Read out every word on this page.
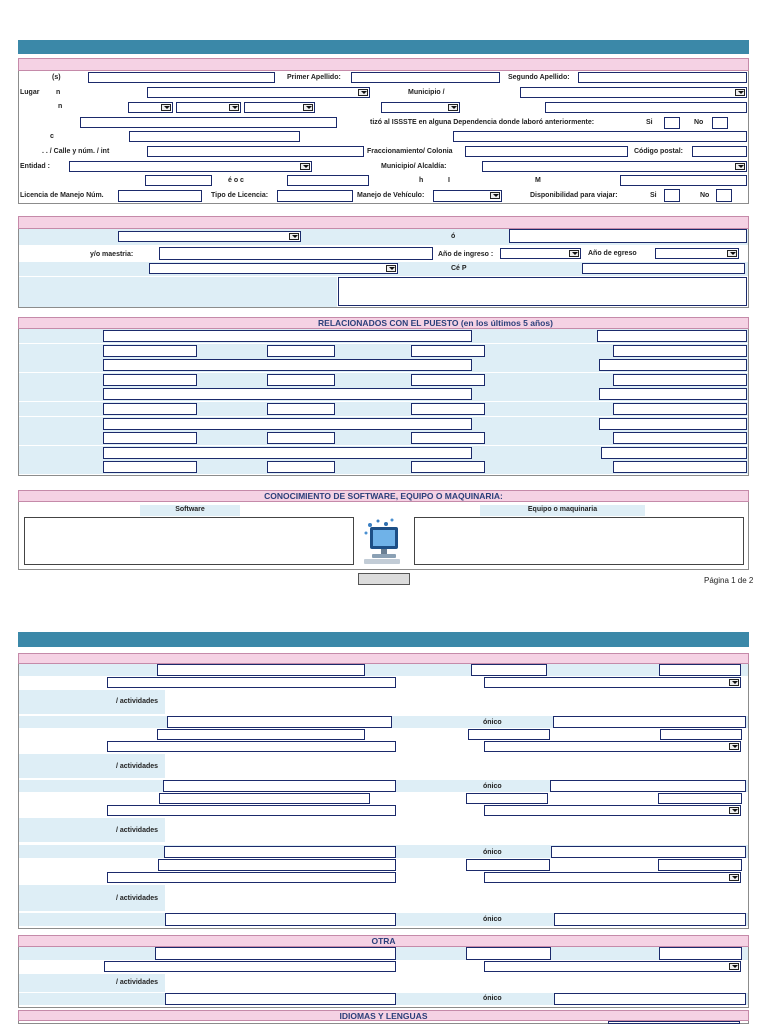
(s)	Primer Apellido:	Segundo Apellido:
Lugar n	Municipio /
n
tizó al ISSSTE en alguna Dependencia donde laboró anteriormente:	Si	No
c
. . / Calle y núm. / int	Fraccionamiento/ Colonia	Código postal:
Entidad :	Municipio/ Alcaldía:
é o c	h	I	M
Licencia de Manejo Núm.	Tipo de Licencia:	Manejo de Vehículo:	Disponibilidad para viajar:	Si	No
ó
y/o maestria:	Año de ingreso :	Año de egreso
Cé P
RELACIONADOS CON EL PUESTO (en los últimos 5 años)
CONOCIMIENTO DE SOFTWARE, EQUIPO O MAQUINARIA:
Software	Equipo o maquinaria
Página 1 de 2
/ actividades
ónico
/ actividades
ónico
/ actividades
ónico
/ actividades
ónico
OTRA
/ actividades
ónico
IDIOMAS Y LENGUAS
